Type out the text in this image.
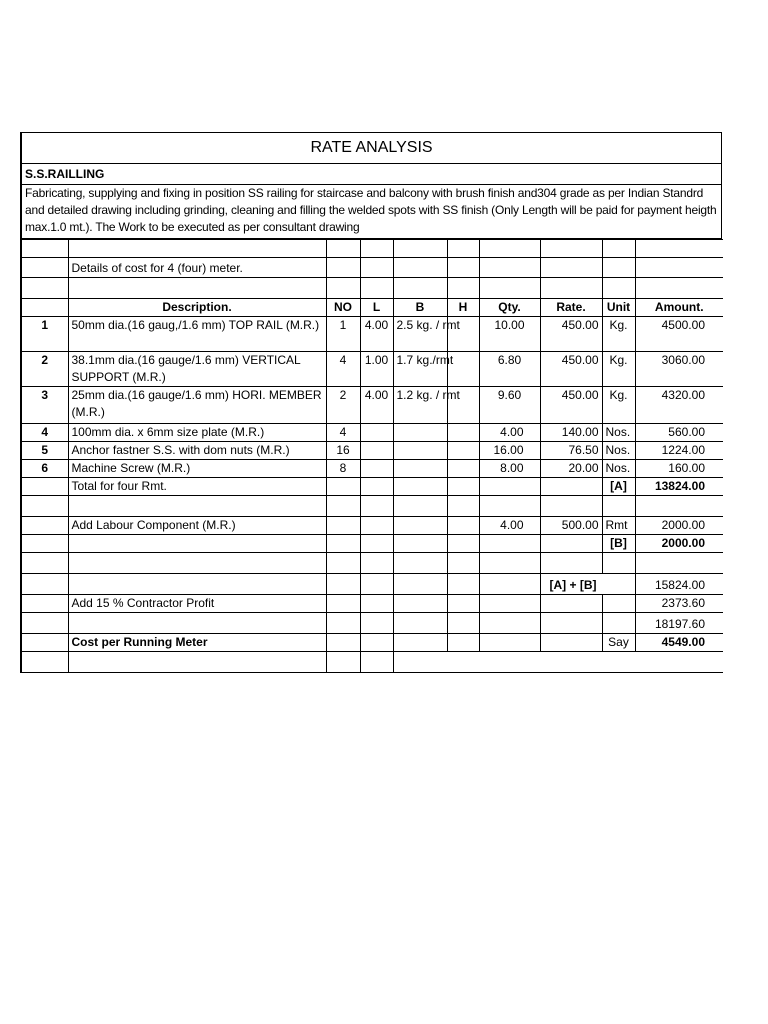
RATE ANALYSIS
S.S.RAILLING
Fabricating, supplying and fixing in position SS railing for staircase and balcony with brush finish and304 grade as per Indian Standrd and detailed drawing including grinding, cleaning and filling the welded spots with SS finish (Only Length will be paid for payment heigth max.1.0 mt.). The Work to be executed as per consultant drawing

	Details of cost for 4 (four) meter.								

	Description.	NO	L	B	H	Qty.	Rate.	Unit	Amount.
1	50mm dia.(16 gaug,/1.6 mm) TOP RAIL (M.R.)	1	4.00	2.5 kg. / rmt		10.00	450.00	Kg.	4500.00
2	38.1mm dia.(16 gauge/1.6 mm) VERTICAL SUPPORT (M.R.)	4	1.00	1.7 kg./rmt		6.80	450.00	Kg.	3060.00
3	25mm dia.(16 gauge/1.6 mm) HORI. MEMBER (M.R.)	2	4.00	1.2 kg. / rmt		9.60	450.00	Kg.	4320.00
4	100mm dia. x 6mm size plate (M.R.)	4				4.00	140.00	Nos.	560.00
5	Anchor fastner S.S. with dom nuts (M.R.)	16				16.00	76.50	Nos.	1224.00
6	Machine Screw (M.R.)	8				8.00	20.00	Nos.	160.00
	Total for four Rmt.							[A]	13824.00

	Add Labour Component (M.R.)					4.00	500.00	Rmt	2000.00
								[B]	2000.00

							[A] + [B]		15824.00
	Add 15 % Contractor Profit								2373.60
									18197.60
	Cost per Running Meter							Say	4549.00
